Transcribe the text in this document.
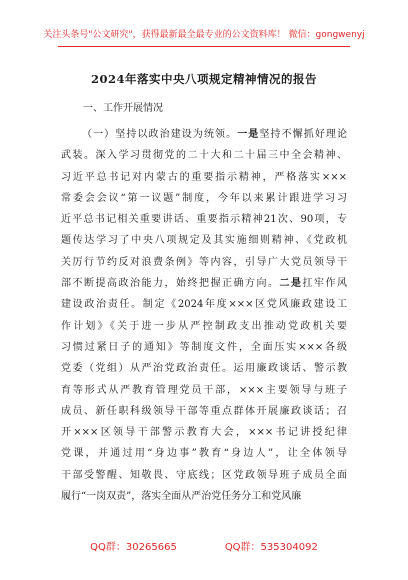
关注头条号"公文研究"，获得最新最全最专业的公文资料库！ 微信：gongwenyj
2024年落实中央八项规定精神情况的报告
一、工作开展情况
（一）坚持以政治建设为统领。一是坚持不懈抓好理论
武装。深入学习贯彻党的二十大和二十届三中全会精神、
习近平总书记对内蒙古的重要指示精神，严格落实×××
常委会会议“第一议题”制度，今年以来累计跟进学习习
近平总书记相关重要讲话、重要指示精神21次、90项，专
题传达学习了中央八项规定及其实施细则精神、《党政机
关厉行节约反对浪费条例》等内容，引导广大党员领导干
部不断提高政治能力，始终把握正确方向。二是扛牢作风
建设政治责任。制定《2024年度×××区党风廉政建设工
作计划》《关于进一步从严控制政支出推动党政机关要
习惯过紧日子的通知》等制度文件，全面压实×××各级
党委（党组）从严治党政治责任。运用廉政谈话、警示教
育等形式从严教育管理党员干部，×××主要领导与班子
成员、新任职科级领导干部等重点群体开展廉政谈话；召
开×××区领导干部警示教育大会，×××书记讲授纪律
党课，并通过用“身边事”教育“身边人”，让全体领导
干部受警醒、知敬畏、守底线；区党政领导班子成员全面
履行“一岗双责”，落实全面从严治党任务分工和党风廉
QQ群：30265665	QQ群：535304092
